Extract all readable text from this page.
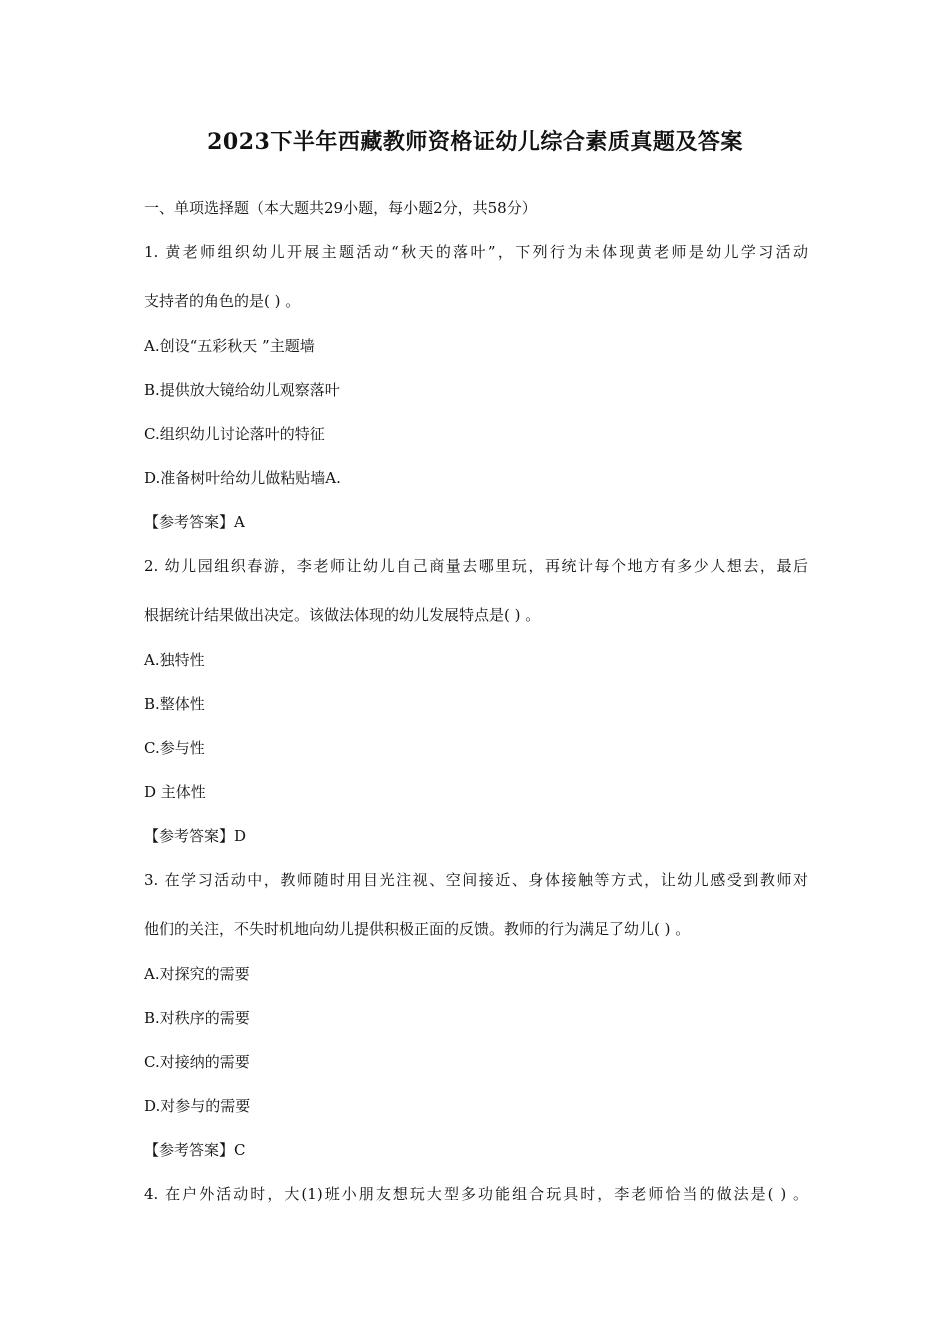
2023下半年西藏教师资格证幼儿综合素质真题及答案
一、单项选择题（本大题共29小题，每小题2分，共58分）
1. 黄老师组织幼儿开展主题活动“秋天的落叶”，下列行为未体现黄老师是幼儿学习活动
支持者的角色的是( ) 。
A.创设“五彩秋天 ”主题墙
B.提供放大镜给幼儿观察落叶
C.组织幼儿讨论落叶的特征
D.准备树叶给幼儿做粘贴墙A.
【参考答案】A
2. 幼儿园组织春游，李老师让幼儿自己商量去哪里玩，再统计每个地方有多少人想去，最后
根据统计结果做出决定。该做法体现的幼儿发展特点是( ) 。
A.独特性
B.整体性
C.参与性
D 主体性
【参考答案】D
3. 在学习活动中，教师随时用目光注视、空间接近、身体接触等方式，让幼儿感受到教师对
他们的关注，不失时机地向幼儿提供积极正面的反馈。教师的行为满足了幼儿( ) 。
A.对探究的需要
B.对秩序的需要
C.对接纳的需要
D.对参与的需要
【参考答案】C
4. 在户外活动时，大(1)班小朋友想玩大型多功能组合玩具时，李老师恰当的做法是( ) 。
